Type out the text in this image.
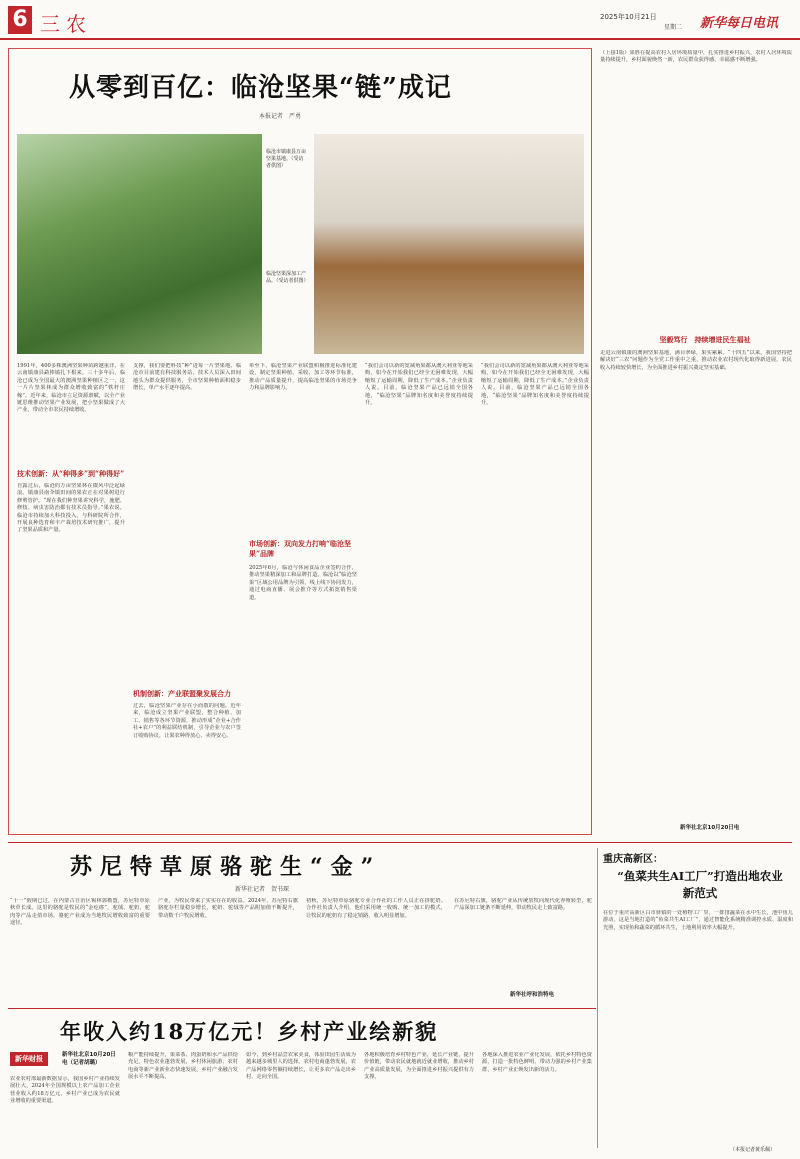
6 三农	2025年10月21日
星期二 新华每日电讯
从零到百亿：临沧坚果“链”成记
本报记者　严勇
临沧市镇康县万亩坚果基地。（受访者供图）
临沧坚果深加工产品。（受访者供图）
1991年，400多株澳洲坚果种苗跨越重洋，在云南镇康县勐捧镇扎下根来。三十多年后，临沧已成为全国最大的澳洲坚果种植区之一，这一片片坚果林成为群众增收致富的“铁杆庄稼”。近年来，临沧市立足资源禀赋，以全产业链思维推动坚果产业发展，把小坚果做成了大产业，带动全市农民持续增收。
技术创新：从“种得多”到“种得好”
自露过后，临沧的万亩坚果林在微风中泛起绿浪。镇康县南伞镇田间的果农正在对果树进行修剪管护。“现在我们种坚果讲究科学，施肥、修枝、病虫害防治都有技术员指导。”果农说。临沧市持续加大科技投入，与科研院所合作，开展良种选育和丰产栽培技术研究推广，提升了坚果品质和产量。
支撑，我们要把科技“种”进每一片坚果地。临沧市目前建有科技服务站，技术人员深入田间地头为群众提供服务，全市坚果种植面积稳步增长，单产水平逐年提高。
机制创新：产业联盟聚发展合力
过去，临沧坚果产业存在小而散的问题。近年来，临沧成立坚果产业联盟，整合种植、加工、销售等各环节资源，推动形成“企业+合作社+农户”的利益联结机制，引导企业与农户签订收购协议，让果农种得放心、卖得安心。
单至下，临沧坚果产业联盟积极推进标准化建设，制定坚果种植、采收、加工等环节标准，推动产品质量提升，提高临沧坚果的市场竞争力和品牌影响力。
市场创新：双向发力打响“临沧坚果”品牌
2025年6月，临沧与休闲食品企业签约合作，推动坚果精深加工和品牌打造。临沧以“临沧坚果”区域公用品牌为引领，线上线下协同发力，通过电商直播、展会推介等方式拓宽销售渠道。
“我们会司以新的宽减角果都从澳大利亚等地采购，如今在开始我们已经全无困难发现，大幅缩短了运输周期，降低了生产成本。”企业负责人说。目前，临沧坚果产品已远销全国各地，“临沧坚果”品牌知名度和美誉度持续提升。
“我们会司以新的宽减角果都从澳大利亚等地采购，如今在开始我们已经全无困难发现，大幅缩短了运输周期，降低了生产成本。”企业负责人说。目前，临沧坚果产品已远销全国各地，“临沧坚果”品牌知名度和美誉度持续提升。
（上接1版）果胜在提高农村人居环境质量中，扎实推进乡村振兴，农村人居环境质量持续提升，乡村面貌焕然一新，农民群众获得感、幸福感不断增强。
坚毅笃行　持续增进民生福祉
走进云南镇康的澳洲坚果基地，满目翠绿，果实累累。“十四五”以来，我国坚持把解决好“三农”问题作为全党工作重中之重，推动农业农村现代化取得新进展，农民收入持续较快增长，为全面推进乡村振兴奠定坚实基础。
新华社北京10月20日电
苏尼特草原骆驼生“金”
新华社记者　贺书琛
“十一”假期已过，在内蒙古自治区锡林郭勒盟，苏尼特草原秋草长成。这里的骆驼是牧民的“金疙瘩”，驼绒、驼奶、驼肉等产品走俏市场，骆驼产业成为当地牧民增收致富的重要途径。
产业，为牧民带来了实实在在的收益。2024年，苏尼特右旗骆驼存栏量稳步增长，驼奶、驼绒等产品附加值不断提升，带动数千户牧民增收。
初秋，苏尼特草原骆驼专业合作社的工作人员正在挤驼奶。合作社负责人介绍，他们采用统一收购、统一加工的模式，让牧民的驼奶有了稳定销路，收入明显增加。
在苏尼特右旗，骆驼产业从传统放牧向现代化养殖转型，驼产品深加工链条不断延伸，带动牧民走上致富路。
新华社呼和浩特电
重庆高新区：
“鱼菜共生AI工厂”打造出地农业新范式
在位于重庆高新区白市驿镇的一处植物工厂里，一排排蔬菜在水中生长，池中鱼儿游动。这是当地打造的“鱼菜共生AI工厂”，通过智能化系统精准调控水质、温度和光照，实现鱼和蔬菜的循环共生，土地利用效率大幅提升。
（本报记者黄乐佩）
年收入约18万亿元！乡村产业绘新貌
新华财报	新华社北京10月20日电（记者胡璐）
农业农村部最新数据显示，我国乡村产业持续发展壮大，2024年全国规模以上农产品加工企业营业收入约18万亿元，乡村产业已成为农民就业增收的重要渠道。
粮产能持续提升，果菜茶、肉蛋奶和水产品供给充足。特色农业蓬勃发展，乡村休闲旅游、农村电商等新产业新业态快速发展，乡村产业融合发展水平不断提高。
如今，到乡村品尝农家美食，体验田园生活成为越来越多城里人的选择。农村电商蓬勃发展，农产品网络零售额持续增长，让更多农产品走出乡村、走向全国。
各地积极培育乡村特色产业，延长产业链，提升价值链，带动农民就地就近就业增收，推动乡村产业高质量发展，为全面推进乡村振兴提供有力支撑。
各地深入推进农业产业化发展，依托乡村特色资源，打造一批特色鲜明、带动力强的乡村产业集群，乡村产业正焕发出新的活力。
